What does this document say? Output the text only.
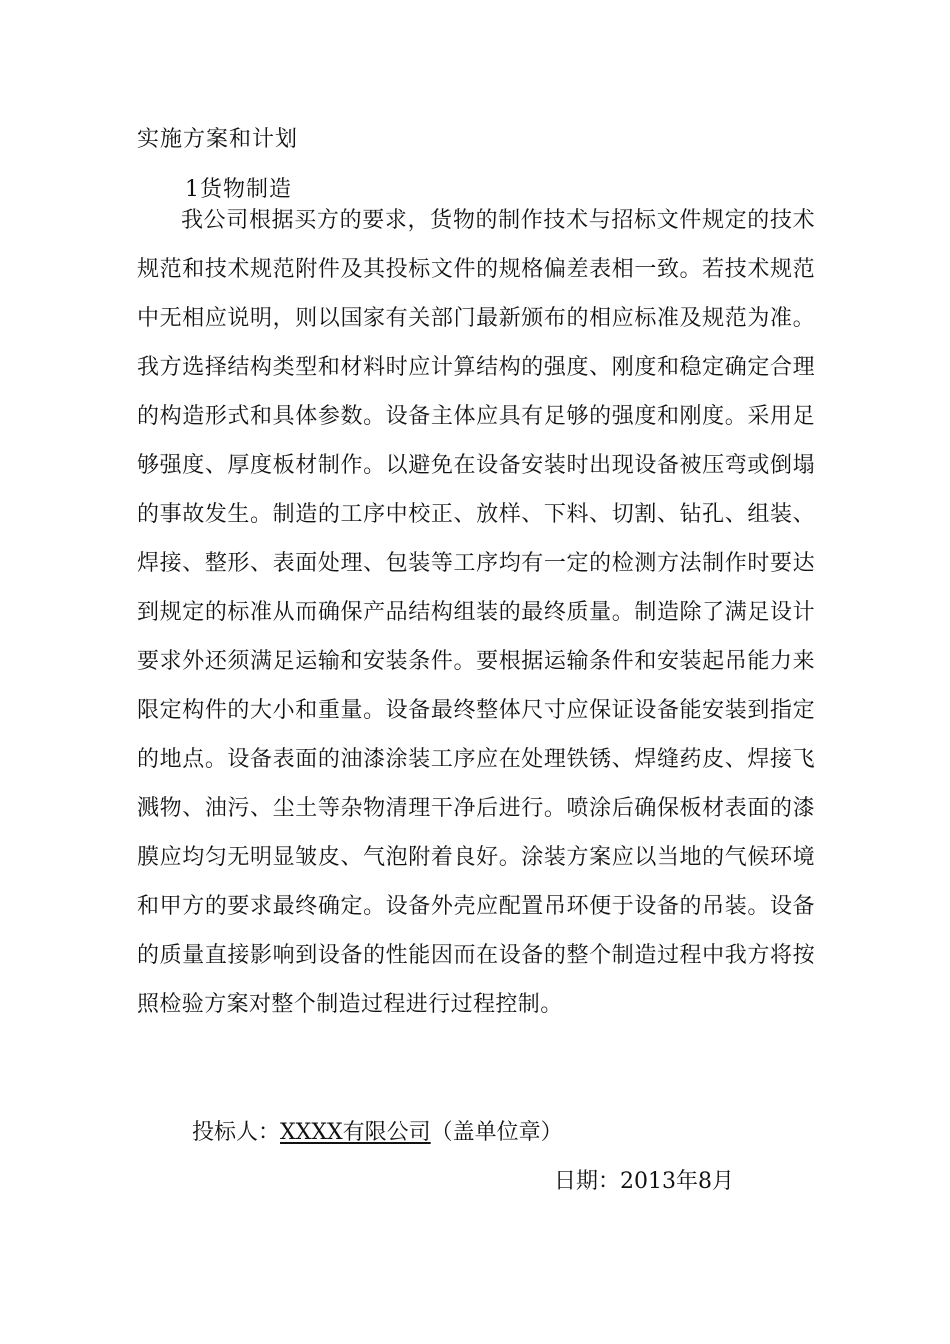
实施方案和计划
1货物制造

我公司根据买方的要求，货物的制作技术与招标文件规定的技术规范和技术规范附件及其投标文件的规格偏差表相一致。若技术规范中无相应说明，则以国家有关部门最新颁布的相应标准及规范为准。我方选择结构类型和材料时应计算结构的强度、刚度和稳定确定合理的构造形式和具体参数。设备主体应具有足够的强度和刚度。采用足够强度、厚度板材制作。以避免在设备安装时出现设备被压弯或倒塌的事故发生。制造的工序中校正、放样、下料、切割、钻孔、组装、焊接、整形、表面处理、包装等工序均有一定的检测方法制作时要达到规定的标准从而确保产品结构组装的最终质量。制造除了满足设计要求外还须满足运输和安装条件。要根据运输条件和安装起吊能力来限定构件的大小和重量。设备最终整体尺寸应保证设备能安装到指定的地点。设备表面的油漆涂装工序应在处理铁锈、焊缝药皮、焊接飞溅物、油污、尘土等杂物清理干净后进行。喷涂后确保板材表面的漆膜应均匀无明显皱皮、气泡附着良好。涂装方案应以当地的气候环境和甲方的要求最终确定。设备外壳应配置吊环便于设备的吊装。设备的质量直接影响到设备的性能因而在设备的整个制造过程中我方将按照检验方案对整个制造过程进行过程控制。

投标人：XXXX有限公司（盖单位章）
日期：2013年8月
